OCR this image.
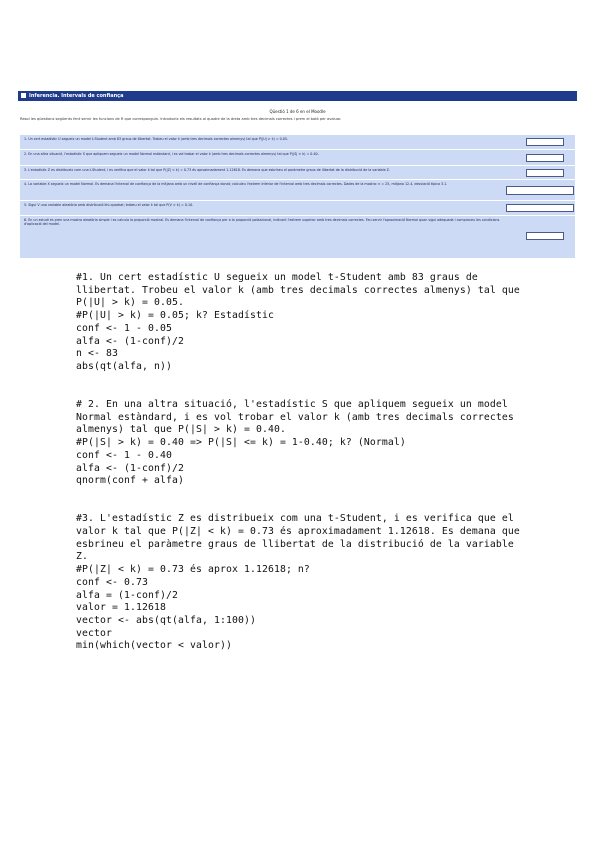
Inferencia. Intervals de confiança
Qüestió 1 de 6 en el Moodle
Resol les qüestions següents fent servir les funcions de R que corresponguin. Introdueix els resultats al quadre de la dreta amb tres decimals correctes i prem el botó per avaluar.
1. Un cert estadístic U segueix un model t-Student amb 83 graus de llibertat. Trobeu el valor k (amb tres decimals correctes almenys) tal que P(|U| > k) = 0.05.
2. En una altra situació, l'estadístic S que apliquem segueix un model Normal estàndard, i es vol trobar el valor k (amb tres decimals correctes almenys) tal que P(|S| > k) = 0.40.
3. L'estadístic Z es distribueix com una t-Student, i es verifica que el valor k tal que P(|Z| < k) = 0.73 és aproximadament 1.12618. Es demana que esbrineu el paràmetre graus de llibertat de la distribució de la variable Z.
4. La variable X segueix un model Normal. Es demana l'interval de confiança de la mitjana amb un nivell de confiança donat; calculeu l'extrem inferior de l'interval amb tres decimals correctes. Dades de la mostra: n = 25, mitjana 12.4, desviació típica 3.1.
5. Sigui V una variable aleatòria amb distribució khi-quadrat; trobeu el valor k tal que P(V > k) = 0.10.
6. En un estudi es pren una mostra aleatòria simple i es calcula la proporció mostral. Es demana l'interval de confiança per a la proporció poblacional, indicant l'extrem superior amb tres decimals correctes. Feu servir l'aproximació Normal quan sigui adequada i comproveu les condicions d'aplicació del model.
#1. Un cert estadístic U segueix un model t-Student amb 83 graus de
llibertat. Trobeu el valor k (amb tres decimals correctes almenys) tal que
P(|U| > k) = 0.05.
#P(|U| > k) = 0.05; k? Estadístic
conf <- 1 - 0.05
alfa <- (1-conf)/2
n <- 83
abs(qt(alfa, n))

# 2. En una altra situació, l'estadístic S que apliquem segueix un model
Normal estàndard, i es vol trobar el valor k (amb tres decimals correctes
almenys) tal que P(|S| > k) = 0.40.
#P(|S| > k) = 0.40 => P(|S| <= k) = 1-0.40; k? (Normal)
conf <- 1 - 0.40
alfa <- (1-conf)/2
qnorm(conf + alfa)

#3. L'estadístic Z es distribueix com una t-Student, i es verifica que el
valor k tal que P(|Z| < k) = 0.73 és aproximadament 1.12618. Es demana que
esbrineu el paràmetre graus de llibertat de la distribució de la variable
Z.
#P(|Z| < k) = 0.73 és aprox 1.12618; n?
conf <- 0.73
alfa = (1-conf)/2
valor = 1.12618
vector <- abs(qt(alfa, 1:100))
vector
min(which(vector < valor))
